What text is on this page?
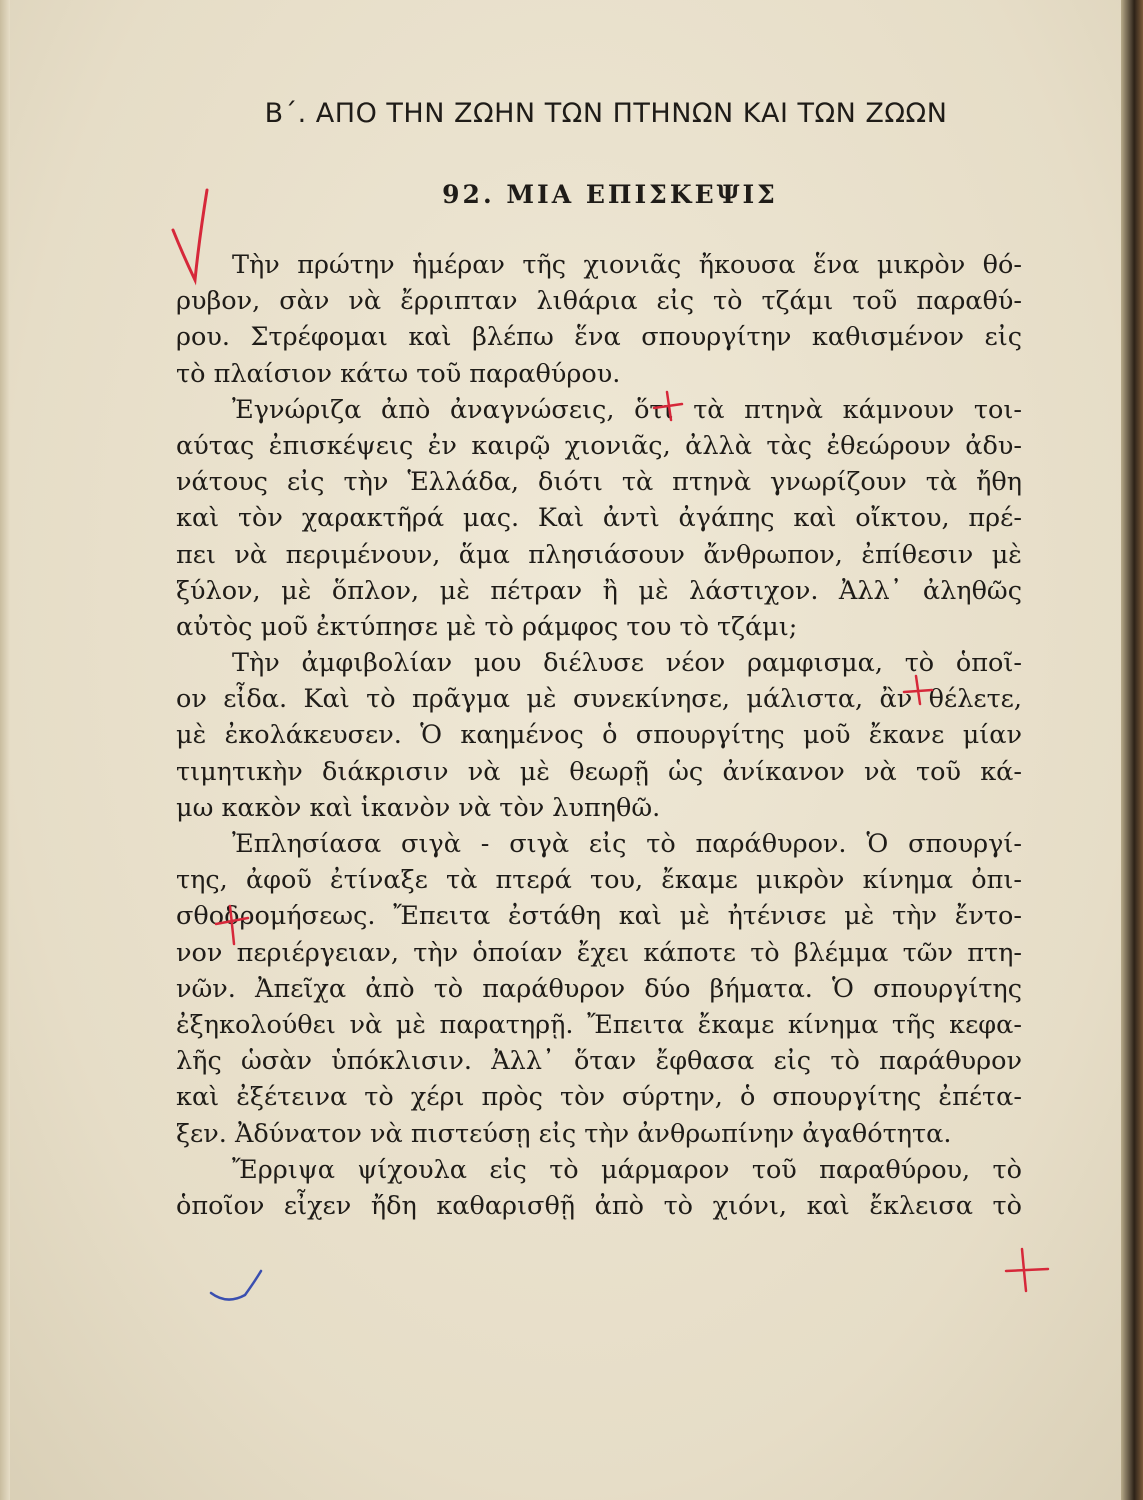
Β΄. ΑΠΟ ΤΗΝ ΖΩΗΝ ΤΩΝ ΠΤΗΝΩΝ ΚΑΙ ΤΩΝ ΖΩΩΝ
92. ΜΙΑ ΕΠΙΣΚΕΨΙΣ
Τὴν πρώτην ἡμέραν τῆς χιονιᾶς ἤκουσα ἕνα μικρὸν θό-
ρυβον, σὰν νὰ ἔρριπταν λιθάρια εἰς τὸ τζάμι τοῦ παραθύ-
ρου. Στρέφομαι καὶ βλέπω ἕνα σπουργίτην καθισμένον εἰς
τὸ πλαίσιον κάτω τοῦ παραθύρου.
Ἐγνώριζα ἀπὸ ἀναγνώσεις, ὅτι τὰ πτηνὰ κάμνουν τοι-
αύτας ἐπισκέψεις ἐν καιρῷ χιονιᾶς, ἀλλὰ τὰς ἐθεώρουν ἀδυ-
νάτους εἰς τὴν Ἑλλάδα, διότι τὰ πτηνὰ γνωρίζουν τὰ ἤθη
καὶ τὸν χαρακτῆρά μας. Καὶ ἀντὶ ἀγάπης καὶ οἴκτου, πρέ-
πει νὰ περιμένουν, ἅμα πλησιάσουν ἄνθρωπον, ἐπίθεσιν μὲ
ξύλον, μὲ ὅπλον, μὲ πέτραν ἢ μὲ λάστιχον. Ἀλλ᾽ ἀληθῶς
αὐτὸς μοῦ ἐκτύπησε μὲ τὸ ράμφος του τὸ τζάμι;
Τὴν ἀμφιβολίαν μου διέλυσε νέον ραμφισμα, τὸ ὁποῖ-
ον εἶδα. Καὶ τὸ πρᾶγμα μὲ συνεκίνησε, μάλιστα, ἂν θέλετε,
μὲ ἐκολάκευσεν. Ὁ καημένος ὁ σπουργίτης μοῦ ἔκανε μίαν
τιμητικὴν διάκρισιν νὰ μὲ θεωρῇ ὡς ἀνίκανον νὰ τοῦ κά-
μω κακὸν καὶ ἱκανὸν νὰ τὸν λυπηθῶ.
Ἐπλησίασα σιγὰ - σιγὰ εἰς τὸ παράθυρον. Ὁ σπουργί-
της, ἀφοῦ ἐτίναξε τὰ πτερά του, ἔκαμε μικρὸν κίνημα ὀπι-
σθοδρομήσεως. Ἔπειτα ἐστάθη καὶ μὲ ἠτένισε μὲ τὴν ἔντο-
νον περιέργειαν, τὴν ὁποίαν ἔχει κάποτε τὸ βλέμμα τῶν πτη-
νῶν. Ἀπεῖχα ἀπὸ τὸ παράθυρον δύο βήματα. Ὁ σπουργίτης
ἐξηκολούθει νὰ μὲ παρατηρῇ. Ἔπειτα ἔκαμε κίνημα τῆς κεφα-
λῆς ὡσὰν ὑπόκλισιν. Ἀλλ᾽ ὅταν ἔφθασα εἰς τὸ παράθυρον
καὶ ἐξέτεινα τὸ χέρι πρὸς τὸν σύρτην, ὁ σπουργίτης ἐπέτα-
ξεν. Ἀδύνατον νὰ πιστεύσῃ εἰς τὴν ἀνθρωπίνην ἀγαθότητα.
Ἔρριψα ψίχουλα εἰς τὸ μάρμαρον τοῦ παραθύρου, τὸ
ὁποῖον εἶχεν ἤδη καθαρισθῇ ἀπὸ τὸ χιόνι, καὶ ἔκλεισα τὸ
